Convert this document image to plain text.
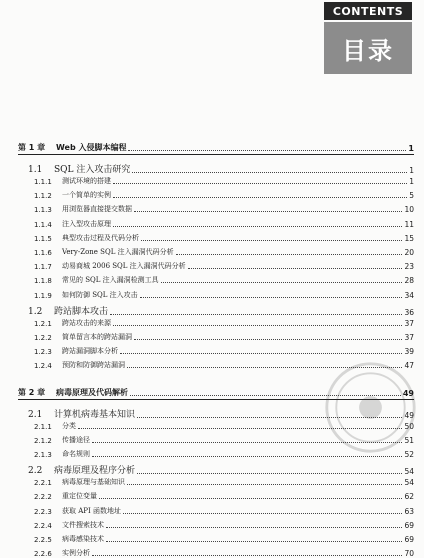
CONTENTS
目录
第 1 章	Web 入侵脚本编程	1
1.1	SQL 注入攻击研究	1
1.1.1	测试环境的搭建	1
1.1.2	一个简单的实例	5
1.1.3	用浏览器直接提交数据	10
1.1.4	注入型攻击原理	11
1.1.5	典型攻击过程及代码分析	15
1.1.6	Very-Zone SQL 注入漏洞代码分析	20
1.1.7	动易商城 2006 SQL 注入漏洞代码分析	23
1.1.8	常见的 SQL 注入漏洞检测工具	28
1.1.9	如何防御 SQL 注入攻击	34
1.2	跨站脚本攻击	36
1.2.1	跨站攻击的来源	37
1.2.2	简单留言本的跨站漏洞	37
1.2.3	跨站漏洞脚本分析	39
1.2.4	预防和防御跨站漏洞	47
第 2 章	病毒原理及代码解析	49
2.1	计算机病毒基本知识	49
2.1.1	分类	50
2.1.2	传播途径	51
2.1.3	命名规则	52
2.2	病毒原理及程序分析	54
2.2.1	病毒原理与基础知识	54
2.2.2	重定位变量	62
2.2.3	获取 API 函数地址	63
2.2.4	文件搜索技术	69
2.2.5	病毒感染技术	69
2.2.6	实例分析	70
